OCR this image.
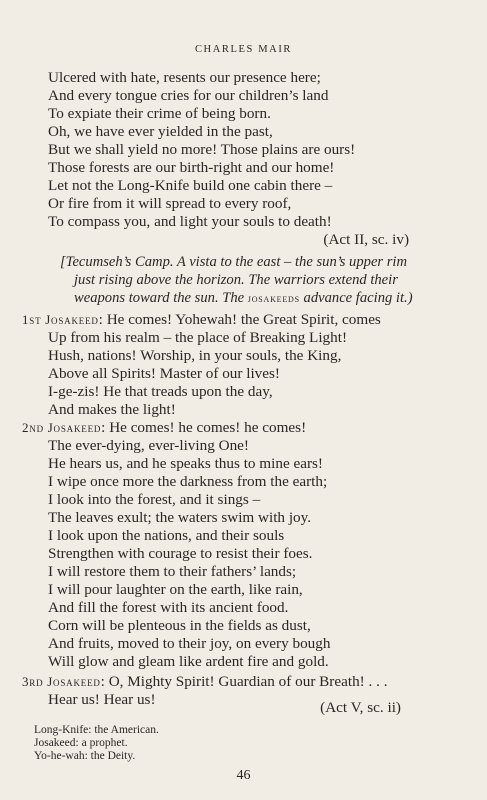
CHARLES MAIR
Ulcered with hate, resents our presence here;
And every tongue cries for our children’s land
To expiate their crime of being born.
Oh, we have ever yielded in the past,
But we shall yield no more! Those plains are ours!
Those forests are our birth-right and our home!
Let not the Long-Knife build one cabin there –
Or fire from it will spread to every roof,
To compass you, and light your souls to death!
(Act II, sc. iv)
[Tecumseh’s Camp. A vista to the east – the sun’s upper rim
just rising above the horizon. The warriors extend their
weapons toward the sun. The josakeeds advance facing it.)
1st Josakeed: He comes! Yohewah! the Great Spirit, comes
Up from his realm – the place of Breaking Light!
Hush, nations! Worship, in your souls, the King,
Above all Spirits! Master of our lives!
I-ge-zis! He that treads upon the day,
And makes the light!
2nd Josakeed: He comes! he comes! he comes!
The ever-dying, ever-living One!
He hears us, and he speaks thus to mine ears!
I wipe once more the darkness from the earth;
I look into the forest, and it sings –
The leaves exult; the waters swim with joy.
I look upon the nations, and their souls
Strengthen with courage to resist their foes.
I will restore them to their fathers’ lands;
I will pour laughter on the earth, like rain,
And fill the forest with its ancient food.
Corn will be plenteous in the fields as dust,
And fruits, moved to their joy, on every bough
Will glow and gleam like ardent fire and gold.
3rd Josakeed: O, Mighty Spirit! Guardian of our Breath! . . .
Hear us! Hear us!	(Act V, sc. ii)
Long-Knife: the American.
Josakeed: a prophet.
Yo-he-wah: the Deity.
46
